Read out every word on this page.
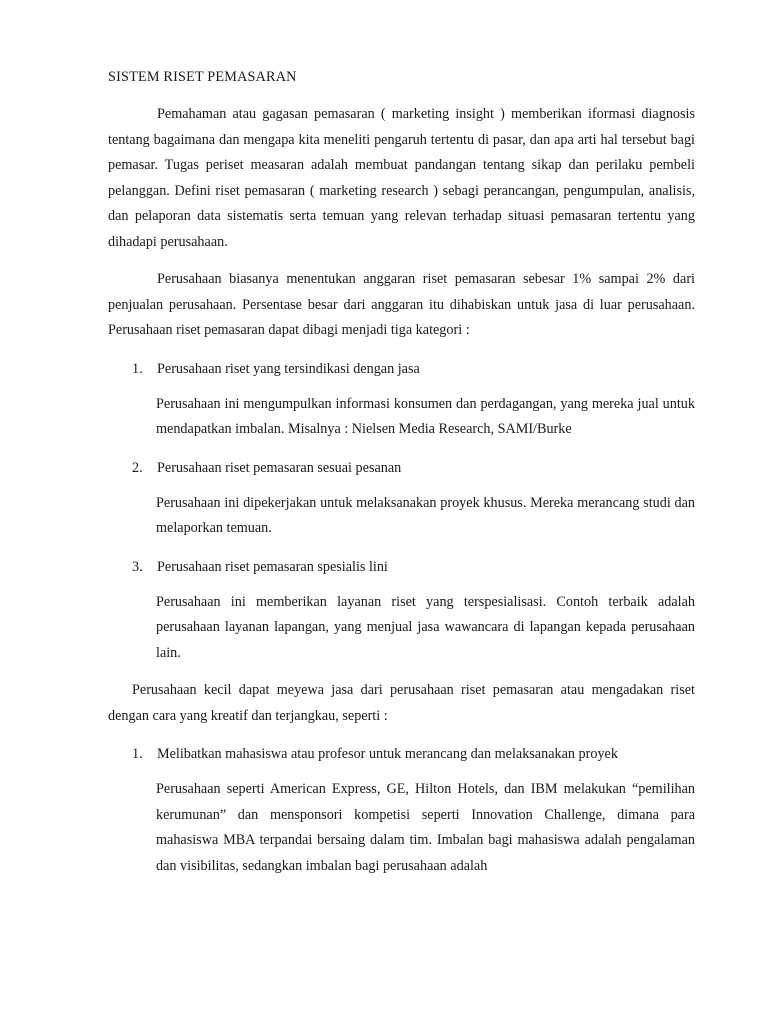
SISTEM RISET PEMASARAN

Pemahaman atau gagasan pemasaran ( marketing insight ) memberikan iformasi diagnosis tentang bagaimana dan mengapa kita meneliti pengaruh tertentu di pasar, dan apa arti hal tersebut bagi pemasar. Tugas periset measaran adalah membuat pandangan tentang sikap dan perilaku pembeli pelanggan. Defini riset pemasaran ( marketing research ) sebagi perancangan, pengumpulan, analisis, dan pelaporan data sistematis serta temuan yang relevan terhadap situasi pemasaran tertentu yang dihadapi perusahaan.

Perusahaan biasanya menentukan anggaran riset pemasaran sebesar 1% sampai 2% dari penjualan perusahaan. Persentase besar dari anggaran itu dihabiskan untuk jasa di luar perusahaan. Perusahaan riset pemasaran dapat dibagi menjadi tiga kategori :

1.	Perusahaan riset yang tersindikasi dengan jasa

Perusahaan ini mengumpulkan informasi konsumen dan perdagangan, yang mereka jual untuk mendapatkan imbalan. Misalnya : Nielsen Media Research, SAMI/Burke

2.	Perusahaan riset pemasaran sesuai pesanan

Perusahaan ini dipekerjakan untuk melaksanakan proyek khusus. Mereka merancang studi dan melaporkan temuan.

3.	Perusahaan riset pemasaran spesialis lini

Perusahaan ini memberikan layanan riset yang terspesialisasi. Contoh terbaik adalah perusahaan layanan lapangan, yang menjual jasa wawancara di lapangan kepada perusahaan lain.

Perusahaan kecil dapat meyewa jasa dari perusahaan riset pemasaran atau mengadakan riset dengan cara yang kreatif dan terjangkau, seperti :

1.	Melibatkan mahasiswa atau profesor untuk merancang dan melaksanakan proyek

Perusahaan seperti American Express, GE, Hilton Hotels, dan IBM melakukan “pemilihan kerumunan” dan mensponsori kompetisi seperti Innovation Challenge, dimana para mahasiswa MBA terpandai bersaing dalam tim. Imbalan bagi mahasiswa adalah pengalaman dan visibilitas, sedangkan imbalan bagi perusahaan adalah
